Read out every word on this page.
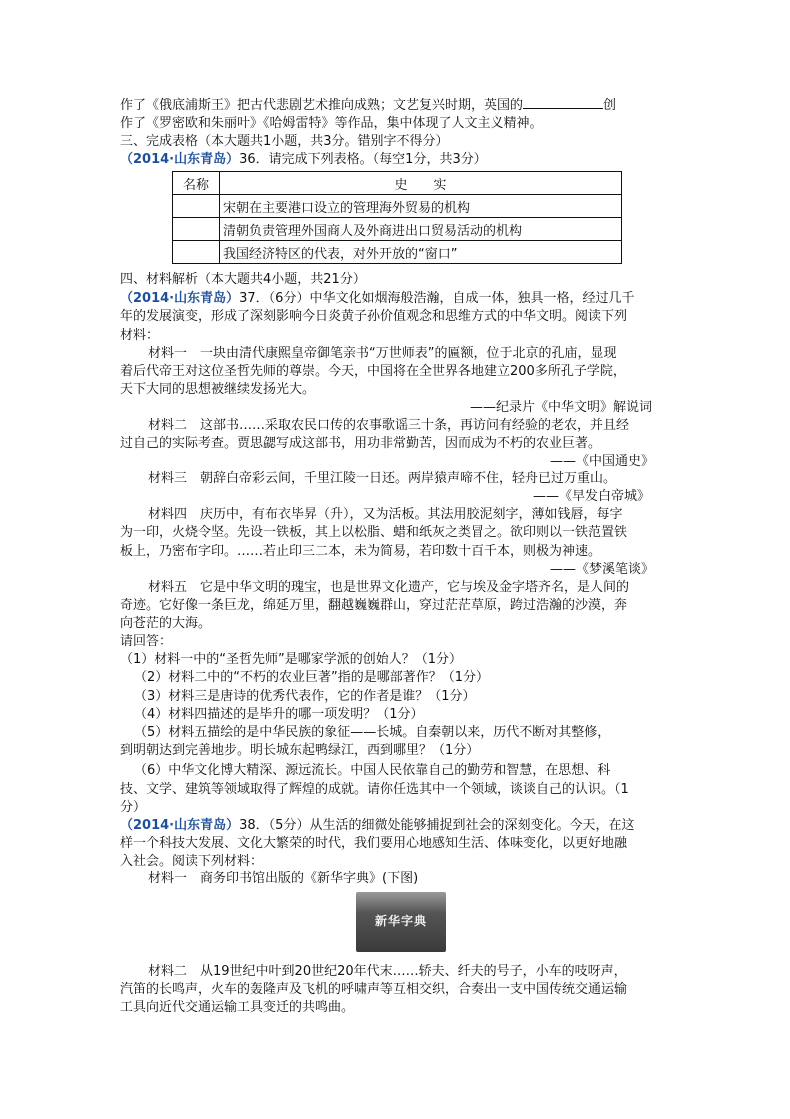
作了《俄底浦斯王》把古代悲剧艺术推向成熟；文艺复兴时期，英国的	创
作了《罗密欧和朱丽叶》《哈姆雷特》等作品，集中体现了人文主义精神。
三、完成表格（本大题共1小题，共3分。错别字不得分）
（2014·山东青岛）36．请完成下列表格。（每空1分，共3分）
名称	史　　实
	宋朝在主要港口设立的管理海外贸易的机构
	清朝负责管理外国商人及外商进出口贸易活动的机构
	我国经济特区的代表，对外开放的“窗口”
四、材料解析（本大题共4小题，共21分）
（2014·山东青岛）37．（6分）中华文化如烟海般浩瀚，自成一体，独具一格，经过几千
年的发展演变，形成了深刻影响今日炎黄子孙价值观念和思维方式的中华文明。阅读下列
材料：
材料一　一块由清代康熙皇帝御笔亲书“万世师表”的匾额，位于北京的孔庙，显现
着后代帝王对这位圣哲先师的尊崇。今天，中国将在全世界各地建立200多所孔子学院，
天下大同的思想被继续发扬光大。
——纪录片《中华文明》解说词
材料二　这部书……采取农民口传的农事歌谣三十条，再访问有经验的老农，并且经
过自己的实际考查。贾思勰写成这部书，用功非常勤苦，因而成为不朽的农业巨著。
——《中国通史》
材料三　朝辞白帝彩云间，千里江陵一日还。两岸猿声啼不住，轻舟已过万重山。
——《早发白帝城》
材料四　庆历中，有布衣毕昇（升），又为活板。其法用胶泥刻字，薄如钱唇，每字
为一印，火烧令坚。先设一铁板，其上以松脂、蜡和纸灰之类冒之。欲印则以一铁范置铁
板上，乃密布字印。……若止印三二本，未为简易，若印数十百千本，则极为神速。
——《梦溪笔谈》
材料五　它是中华文明的瑰宝，也是世界文化遗产，它与埃及金字塔齐名，是人间的
奇迹。它好像一条巨龙，绵延万里，翻越巍巍群山，穿过茫茫草原，跨过浩瀚的沙漠，奔
向苍茫的大海。
请回答：
（1）材料一中的“圣哲先师”是哪家学派的创始人？（1分）
（2）材料二中的“不朽的农业巨著”指的是哪部著作？（1分）
（3）材料三是唐诗的优秀代表作，它的作者是谁？（1分）
（4）材料四描述的是毕升的哪一项发明？（1分）
（5）材料五描绘的是中华民族的象征——长城。自秦朝以来，历代不断对其整修，
到明朝达到完善地步。明长城东起鸭绿江，西到哪里？（1分）
（6）中华文化博大精深、源远流长。中国人民依靠自己的勤劳和智慧，在思想、科
技、文学、建筑等领域取得了辉煌的成就。请你任选其中一个领域，谈谈自己的认识。（1
分）
（2014·山东青岛）38．（5分）从生活的细微处能够捕捉到社会的深刻变化。今天，在这
样一个科技大发展、文化大繁荣的时代，我们要用心地感知生活、体味变化，以更好地融
入社会。阅读下列材料：
材料一　商务印书馆出版的《新华字典》(下图)
新华字典
材料二　从19世纪中叶到20世纪20年代末……轿夫、纤夫的号子，小车的吱呀声，
汽笛的长鸣声，火车的轰隆声及飞机的呼啸声等互相交织，合奏出一支中国传统交通运输
工具向近代交通运输工具变迁的共鸣曲。
